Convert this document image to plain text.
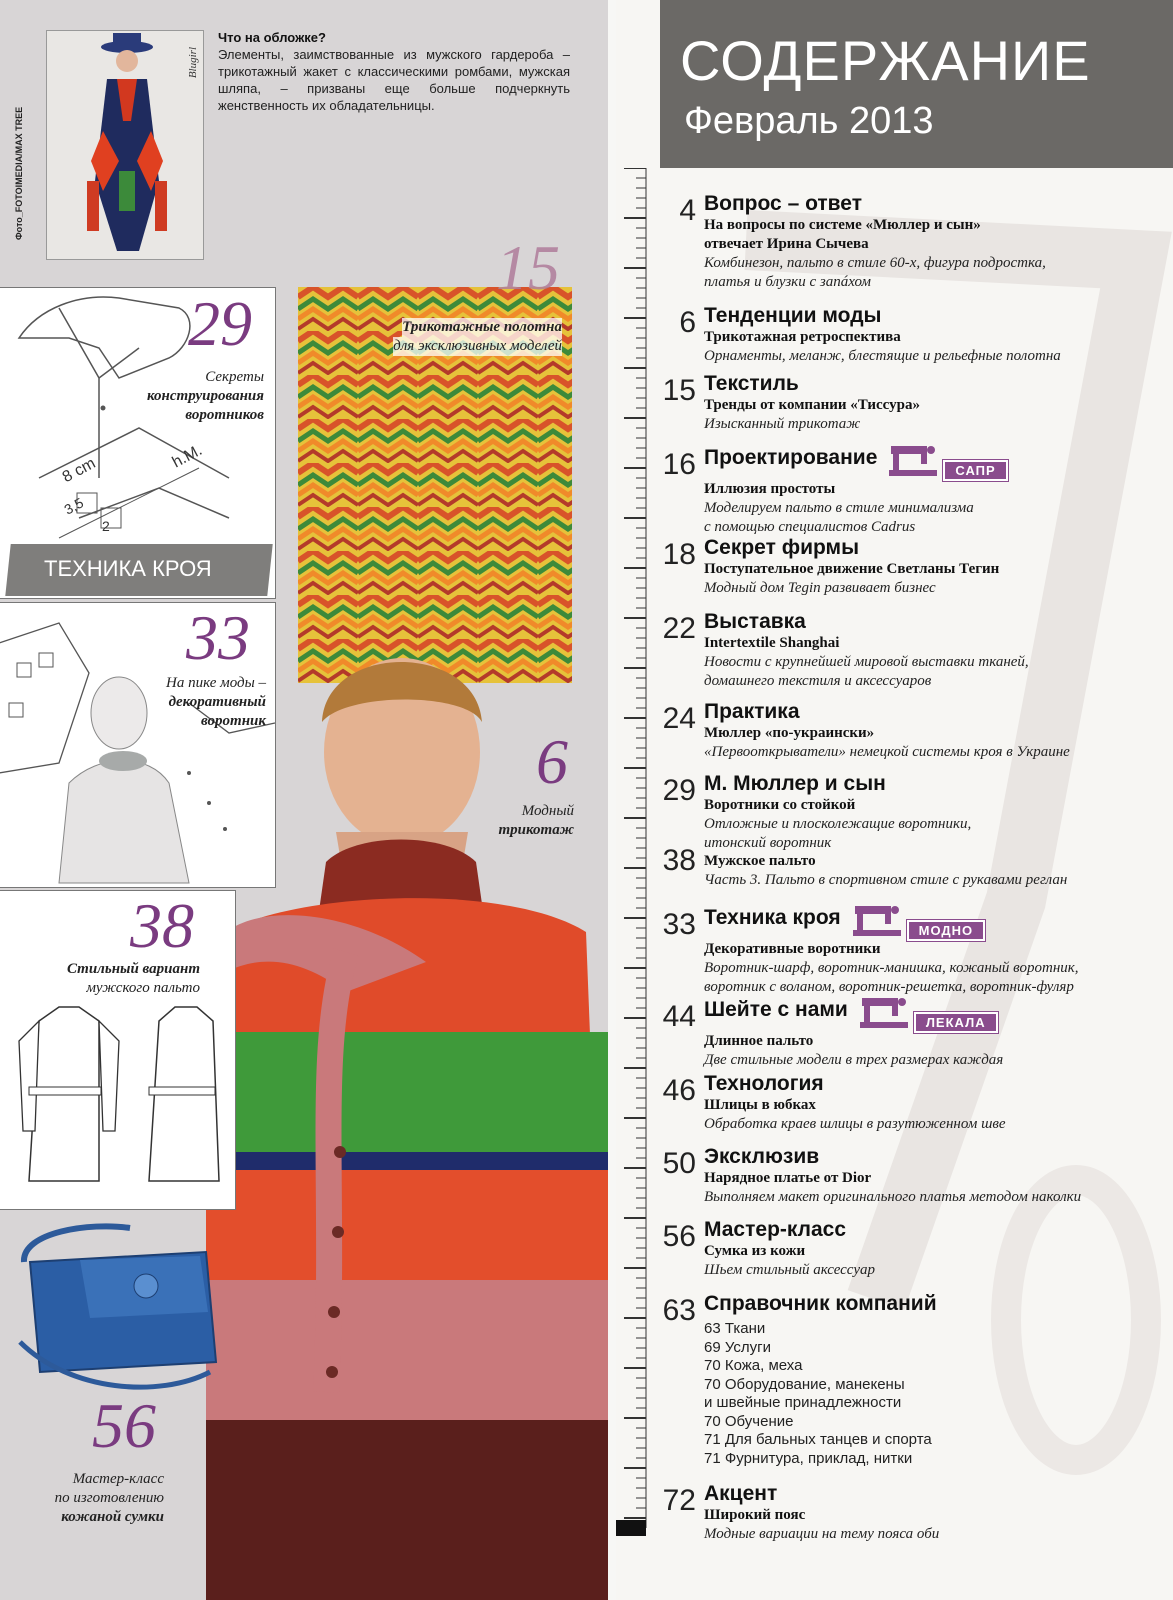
Blugirl
Фото_FOTOIMEDIA/MAX TREE
Что на обложке?
Элементы, заимствованные из мужского гардероба – трикотажный жакет с классическими ромбами, мужская шляпа, – призваны еще больше подчеркнуть женственность их обладательницы.
29
Секреты
конструирования
воротников
8 cm	h.M.
3,5
2
ТЕХНИКА КРОЯ
15
Трикотажные полотна для эксклюзивных моделей
33
На пике моды –
декоративный
воротник
6
Модный
трикотаж
38
Стильный вариант
мужского пальто
56
Мастер-класс
по изготовлению
кожаной сумки
СОДЕРЖАНИЕ
Февраль 2013
4 Вопрос – ответ
На вопросы по системе «Мюллер и сын»
отвечает Ирина Сычева
Комбинезон, пальто в стиле 60-х, фигура подростка,
платья и блузки с запáхом
6 Тенденции моды
Трикотажная ретроспектива
Орнаменты, меланж, блестящие и рельефные полотна
15 Текстиль
Тренды от компании «Тиссура»
Изысканный трикотаж
16 Проектирование
САПР
Иллюзия простоты
Моделируем пальто в стиле минимализма
с помощью специалистов Cadrus
18 Секрет фирмы
Поступательное движение Светланы Тегин
Модный дом Tegin развивает бизнес
22 Выставка
Intertextile Shanghai
Новости с крупнейшей мировой выставки тканей,
домашнего текстиля и аксессуаров
24 Практика
Мюллер «по-украински»
«Первооткрыватели» немецкой системы кроя в Украине
29 М. Мюллер и сын
Воротники со стойкой
Отложные и плосколежащие воротники,
итонский воротник
38 Мужское пальто
Часть 3. Пальто в спортивном стиле с рукавами реглан
33 Техника кроя
МОДНО
Декоративные воротники
Воротник-шарф, воротник-манишка, кожаный воротник,
воротник с воланом, воротник-решетка, воротник-фуляр
44 Шейте с нами
ЛЕКАЛА
Длинное пальто
Две стильные модели в трех размерах каждая
46 Технология
Шлицы в юбках
Обработка краев шлицы в разутюженном шве
50 Эксклюзив
Нарядное платье от Dior
Выполняем макет оригинального платья методом наколки
56 Мастер-класс
Сумка из кожи
Шьем стильный аксессуар
63 Справочник компаний
63 Ткани
69 Услуги
70 Кожа, меха
70 Оборудование, манекены
и швейные принадлежности
70 Обучение
71 Для бальных танцев и спорта
71 Фурнитура, приклад, нитки
72 Акцент
Широкий пояс
Модные вариации на тему пояса оби
